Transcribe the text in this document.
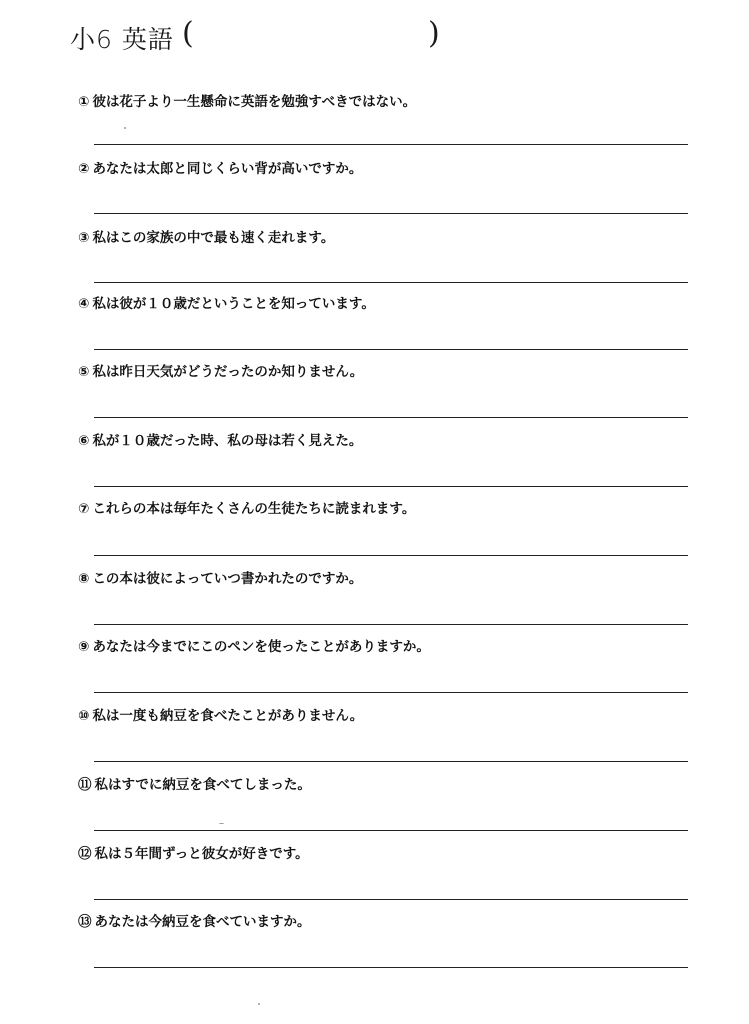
小6 英語 (	)
① 彼は花子より一生懸命に英語を勉強すべきではない。
② あなたは太郎と同じくらい背が高いですか。
③ 私はこの家族の中で最も速く走れます。
④ 私は彼が１０歳だということを知っています。
⑤ 私は昨日天気がどうだったのか知りません。
⑥ 私が１０歳だった時、私の母は若く見えた。
⑦ これらの本は毎年たくさんの生徒たちに読まれます。
⑧ この本は彼によっていつ書かれたのですか。
⑨ あなたは今までにこのペンを使ったことがありますか。
⑩ 私は一度も納豆を食べたことがありません。
⑪ 私はすでに納豆を食べてしまった。
⑫ 私は５年間ずっと彼女が好きです。
⑬ あなたは今納豆を食べていますか。
